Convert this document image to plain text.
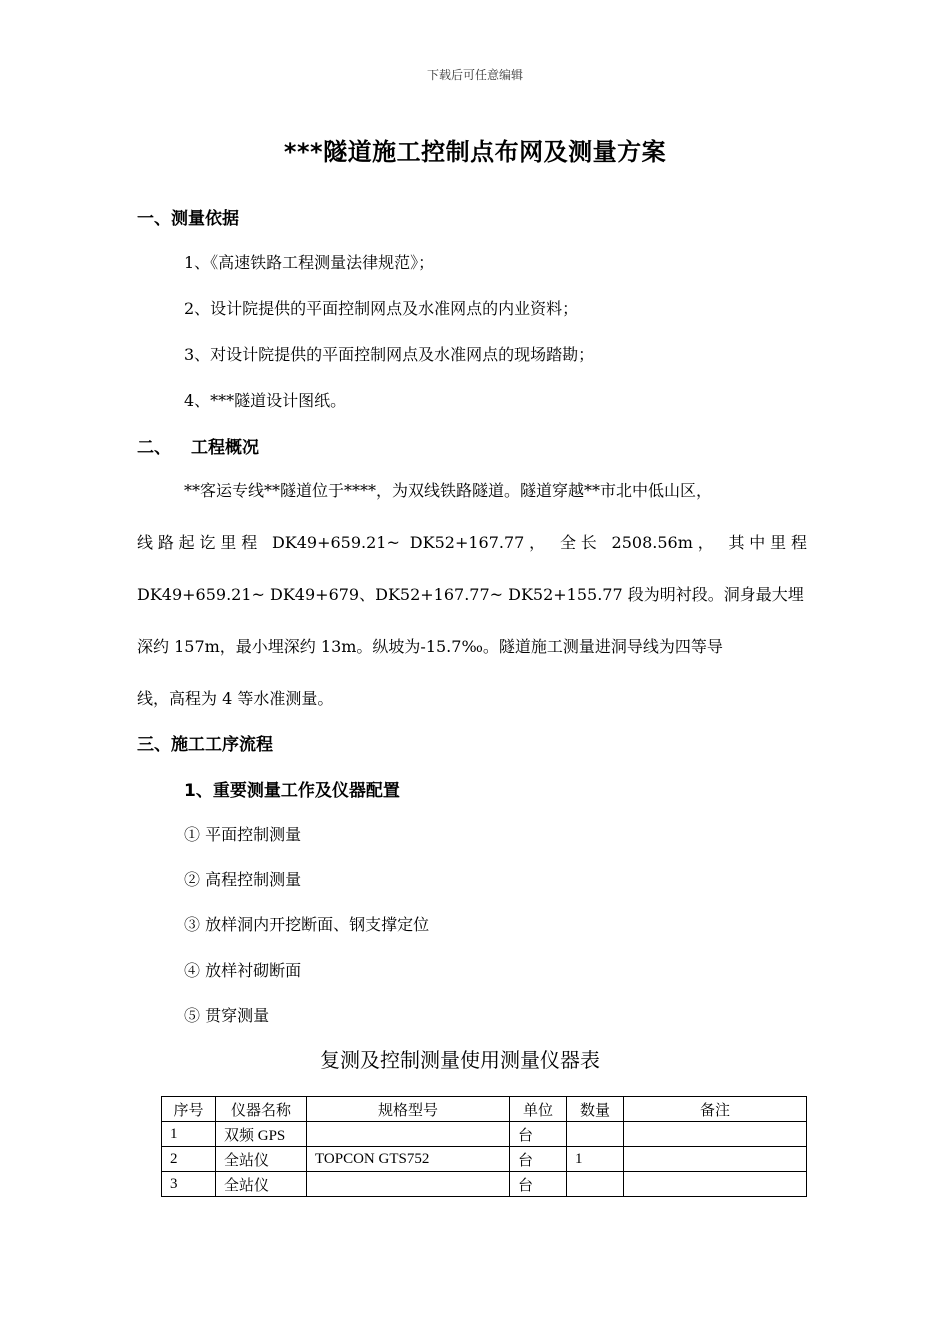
下载后可任意编辑
***隧道施工控制点布网及测量方案
一、测量依据
1、《高速铁路工程测量法律规范》；
2、设计院提供的平面控制网点及水准网点的内业资料；
3、对设计院提供的平面控制网点及水准网点的现场踏勘；
4、***隧道设计图纸。
二、 工程概况
**客运专线**隧道位于****，为双线铁路隧道。隧道穿越**市北中低山区，
线路起讫里程 DK49+659.21~ DK52+167.77， 全长 2508.56m， 其中里程
DK49+659.21~ DK49+679、DK52+167.77~ DK52+155.77 段为明衬段。洞身最大埋
深约 157m，最小埋深约 13m。纵坡为-15.7‰。隧道施工测量进洞导线为四等导
线，高程为 4 等水准测量。
三、施工工序流程
1、重要测量工作及仪器配置
① 平面控制测量
② 高程控制测量
③ 放样洞内开挖断面、钢支撑定位
④ 放样衬砌断面
⑤ 贯穿测量
复测及控制测量使用测量仪器表
序号	仪器名称	规格型号	单位	数量	备注
1	双频 GPS		台		
2	全站仪	TOPCON GTS752	台	1	
3	全站仪		台		
